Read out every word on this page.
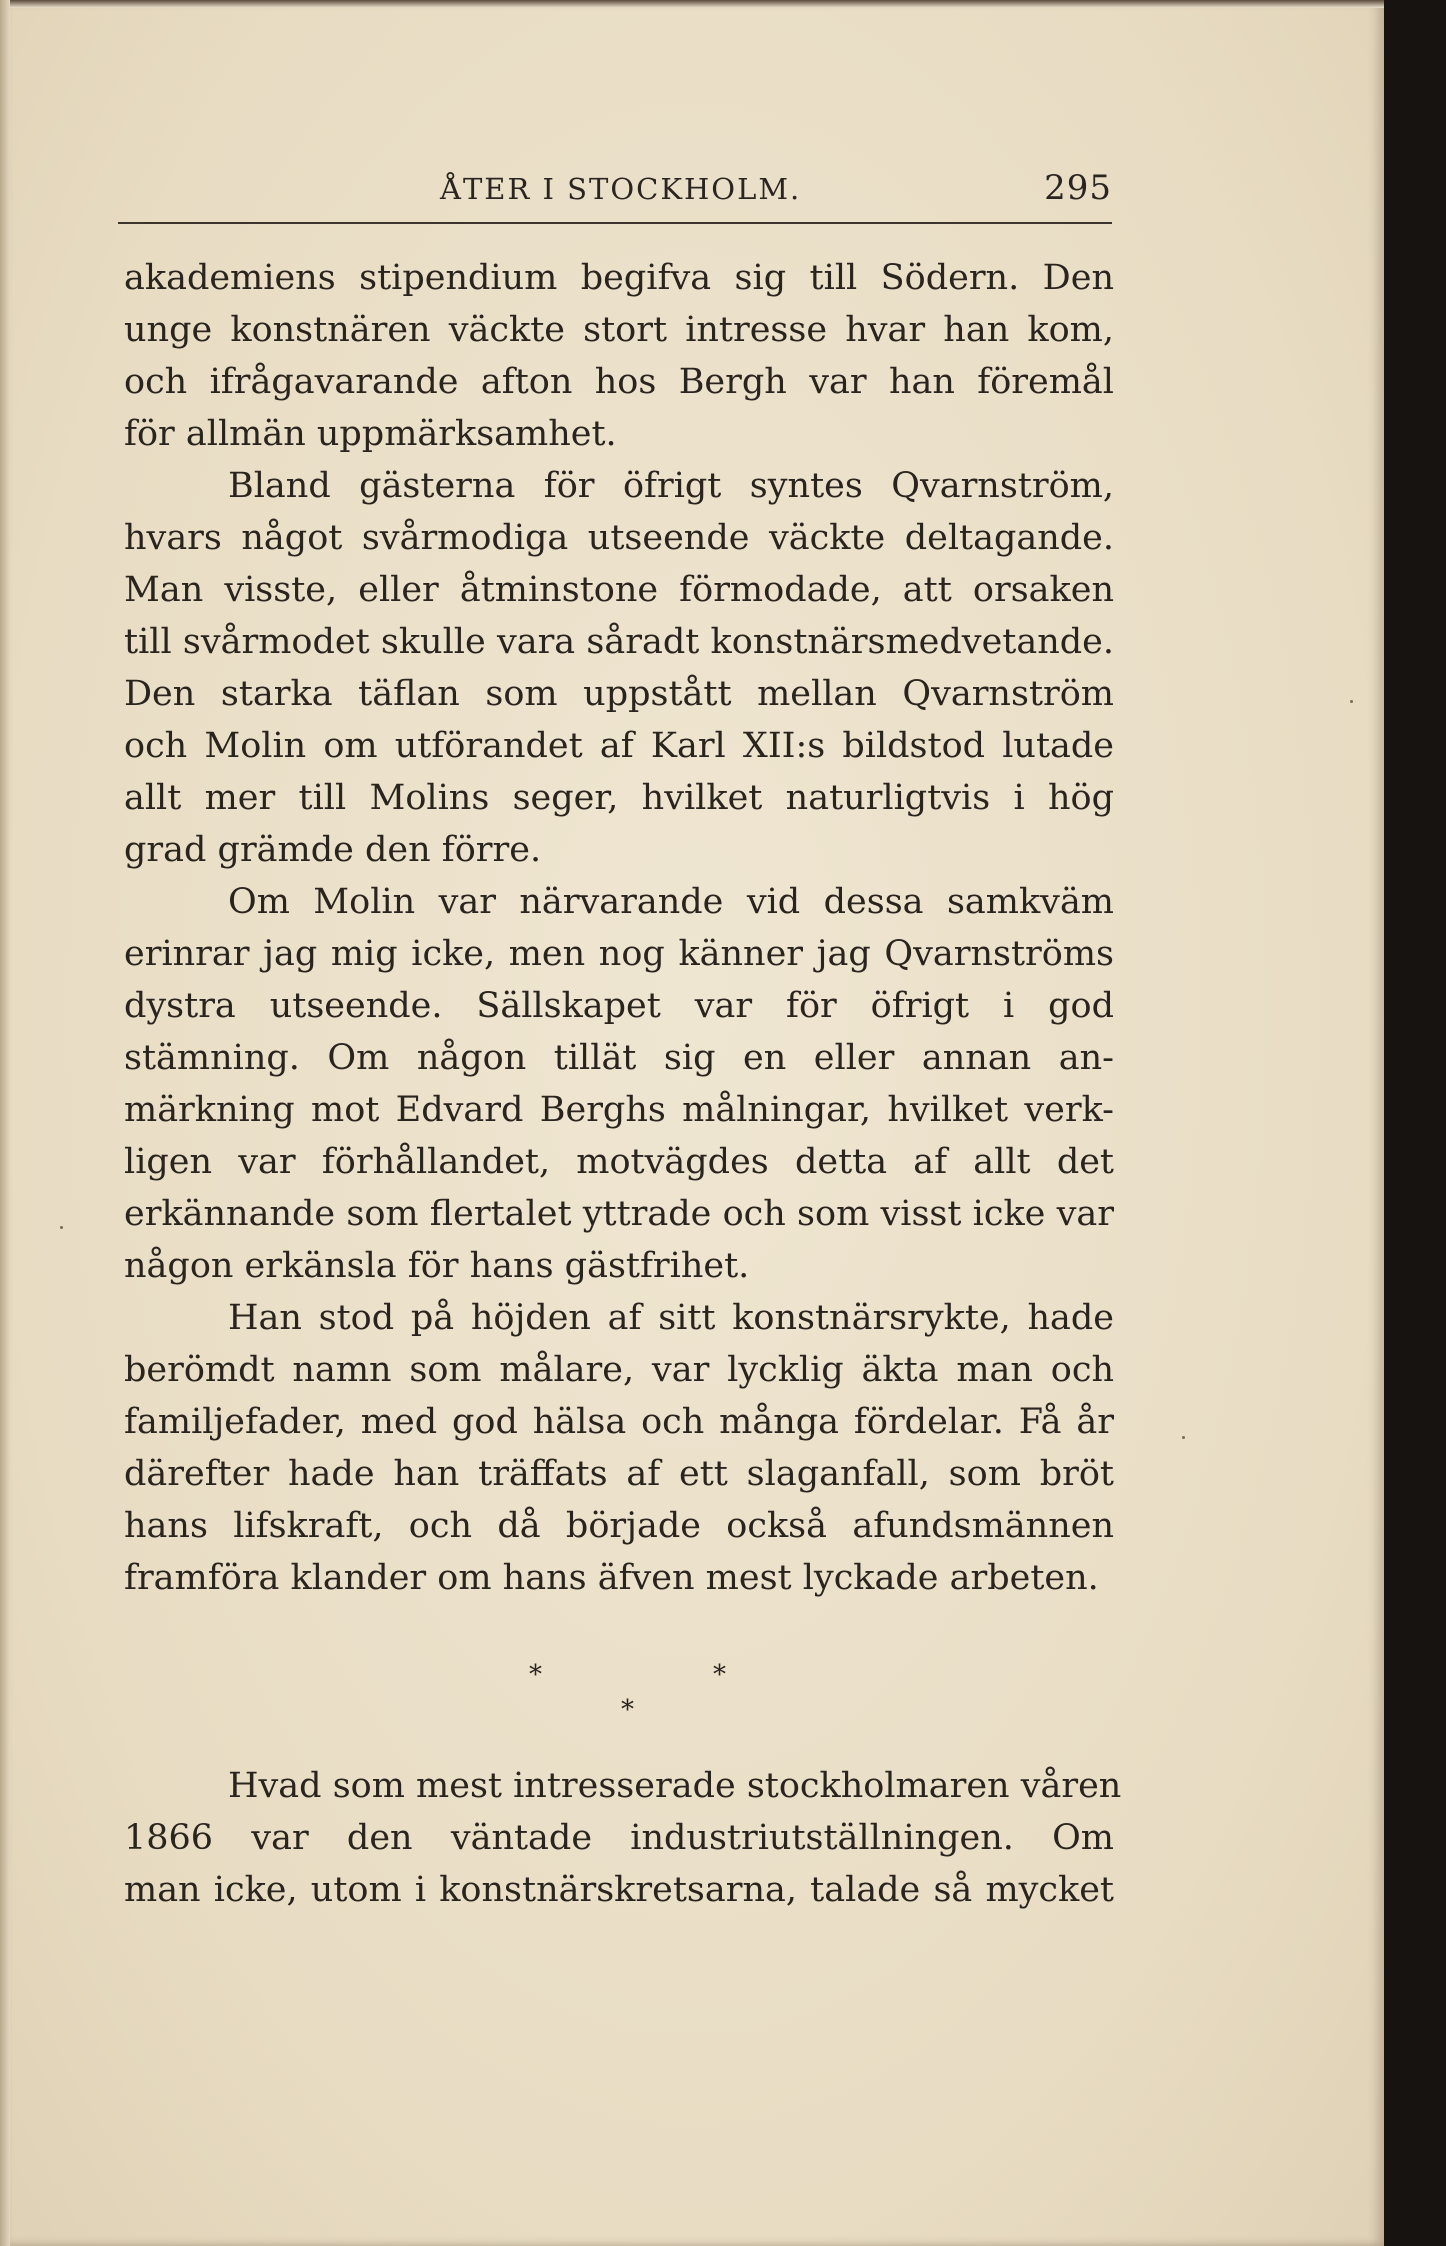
ÅTER I STOCKHOLM.	295
akademiens stipendium begifva sig till Södern. Den
unge konstnären väckte stort intresse hvar han kom,
och ifrågavarande afton hos Bergh var han föremål
för allmän uppmärksamhet.
Bland gästerna för öfrigt syntes Qvarnström,
hvars något svårmodiga utseende väckte deltagande.
Man visste, eller åtminstone förmodade, att orsaken
till svårmodet skulle vara såradt konstnärsmedvetande.
Den starka täflan som uppstått mellan Qvarnström
och Molin om utförandet af Karl XII:s bildstod lutade
allt mer till Molins seger, hvilket naturligtvis i hög
grad grämde den förre.
Om Molin var närvarande vid dessa samkväm
erinrar jag mig icke, men nog känner jag Qvarnströms
dystra utseende. Sällskapet var för öfrigt i god
stämning. Om någon tillät sig en eller annan an-
märkning mot Edvard Berghs målningar, hvilket verk-
ligen var förhållandet, motvägdes detta af allt det
erkännande som flertalet yttrade och som visst icke var
någon erkänsla för hans gästfrihet.
Han stod på höjden af sitt konstnärsrykte, hade
berömdt namn som målare, var lycklig äkta man och
familjefader, med god hälsa och många fördelar. Få år
därefter hade han träffats af ett slaganfall, som bröt
hans lifskraft, och då började också afundsmännen
framföra klander om hans äfven mest lyckade arbeten.
Hvad som mest intresserade stockholmaren våren
1866 var den väntade industriutställningen. Om
man icke, utom i konstnärskretsarna, talade så mycket
*	*
*
